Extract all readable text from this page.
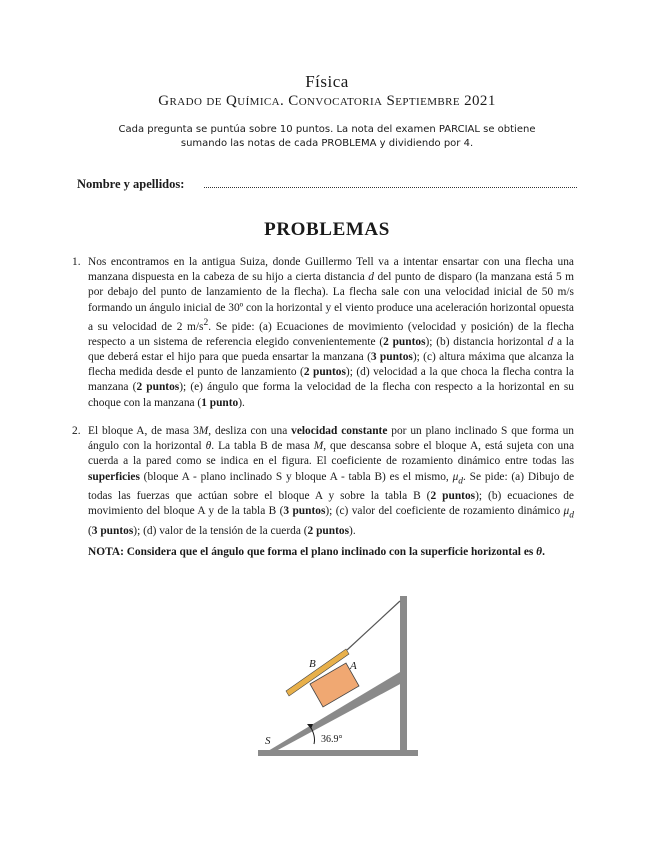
Física
Grado de Química. Convocatoria Septiembre 2021
Cada pregunta se puntúa sobre 10 puntos. La nota del examen PARCIAL se obtiene sumando las notas de cada PROBLEMA y dividiendo por 4.
Nombre y apellidos:
PROBLEMAS
1. Nos encontramos en la antigua Suiza, donde Guillermo Tell va a intentar ensartar con una flecha una manzana dispuesta en la cabeza de su hijo a cierta distancia d del punto de disparo (la manzana está 5 m por debajo del punto de lanzamiento de la flecha). La flecha sale con una velocidad inicial de 50 m/s formando un ángulo inicial de 30º con la horizontal y el viento produce una aceleración horizontal opuesta a su velocidad de 2 $m/s^2$. Se pide: (a) Ecuaciones de movimiento (velocidad y posición) de la flecha respecto a un sistema de referencia elegido convenientemente (2 puntos); (b) distancia horizontal d a la que deberá estar el hijo para que pueda ensartar la manzana (3 puntos); (c) altura máxima que alcanza la flecha medida desde el punto de lanzamiento (2 puntos); (d) velocidad a la que choca la flecha contra la manzana (2 puntos); (e) ángulo que forma la velocidad de la flecha con respecto a la horizontal en su choque con la manzana (1 punto).
2. El bloque A, de masa 3M, desliza con una velocidad constante por un plano inclinado S que forma un ángulo con la horizontal θ. La tabla B de masa M, que descansa sobre el bloque A, está sujeta con una cuerda a la pared como se indica en el figura. El coeficiente de rozamiento dinámico entre todas las superficies (bloque A - plano inclinado S y bloque A - tabla B) es el mismo, $\mu_d$. Se pide: (a) Dibujo de todas las fuerzas que actúan sobre el bloque A y sobre la tabla B (2 puntos); (b) ecuaciones de movimiento del bloque A y de la tabla B (3 puntos); (c) valor del coeficiente de rozamiento dinámico $\mu_d$ (3 puntos); (d) valor de la tensión de la cuerda (2 puntos).
NOTA: Considera que el ángulo que forma el plano inclinado con la superficie horizontal es θ.
36.9°
B	A
S
